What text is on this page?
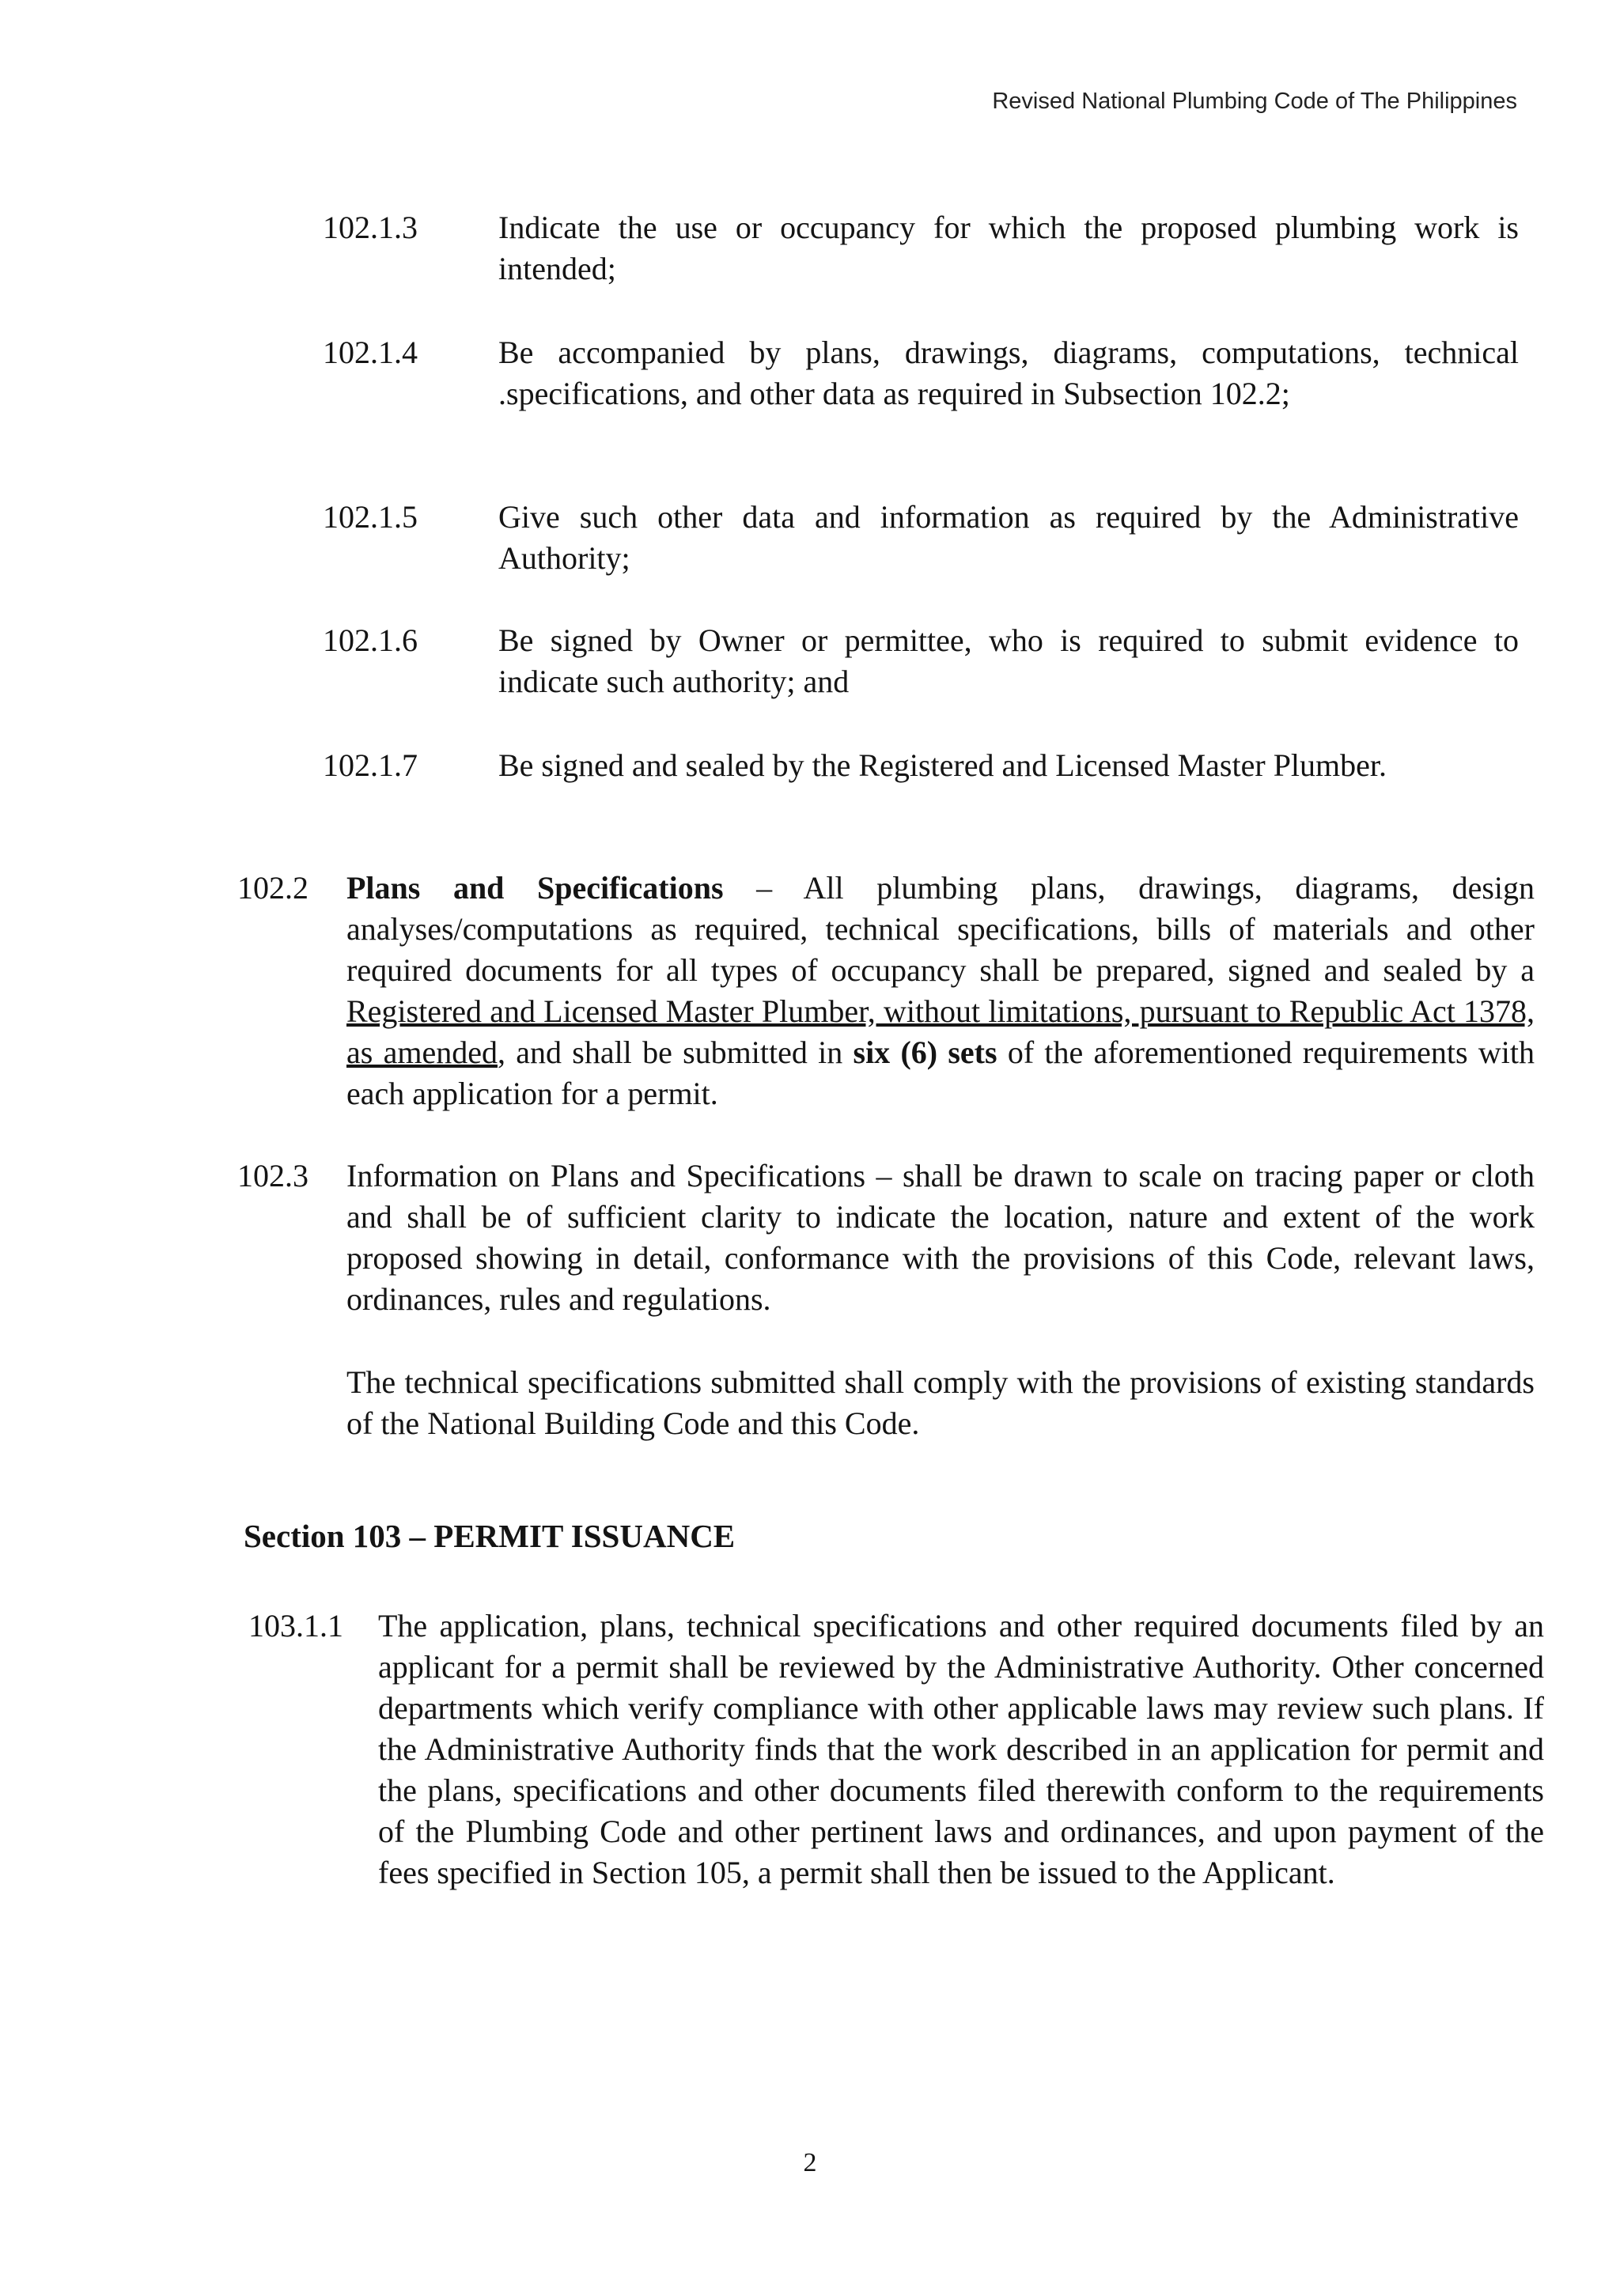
Revised National Plumbing Code of The Philippines
102.1.3	Indicate the use or occupancy for which the proposed plumbing work is intended;
102.1.4	Be accompanied by plans, drawings, diagrams, computations, technical .specifications, and other data as required in Subsection 102.2;
102.1.5	Give such other data and information as required by the Administrative Authority;
102.1.6	Be signed by Owner or permittee, who is required to submit evidence to indicate such authority; and
102.1.7	Be signed and sealed by the Registered and Licensed Master Plumber.
102.2 Plans and Specifications – All plumbing plans, drawings, diagrams, design analyses/computations as required, technical specifications, bills of materials and other required documents for all types of occupancy shall be prepared, signed and sealed by a Registered and Licensed Master Plumber, without limitations, pursuant to Republic Act 1378, as amended, and shall be submitted in six (6) sets of the aforementioned requirements with each application for a permit.
102.3 Information on Plans and Specifications – shall be drawn to scale on tracing paper or cloth and shall be of sufficient clarity to indicate the location, nature and extent of the work proposed showing in detail, conformance with the provisions of this Code, relevant laws, ordinances, rules and regulations.
The technical specifications submitted shall comply with the provisions of existing standards of the National Building Code and this Code.
Section 103 – PERMIT ISSUANCE
103.1.1 The application, plans, technical specifications and other required documents filed by an applicant for a permit shall be reviewed by the Administrative Authority. Other concerned departments which verify compliance with other applicable laws may review such plans. If the Administrative Authority finds that the work described in an application for permit and the plans, specifications and other documents filed therewith conform to the requirements of the Plumbing Code and other pertinent laws and ordinances, and upon payment of the fees specified in Section 105, a permit shall then be issued to the Applicant.
2
